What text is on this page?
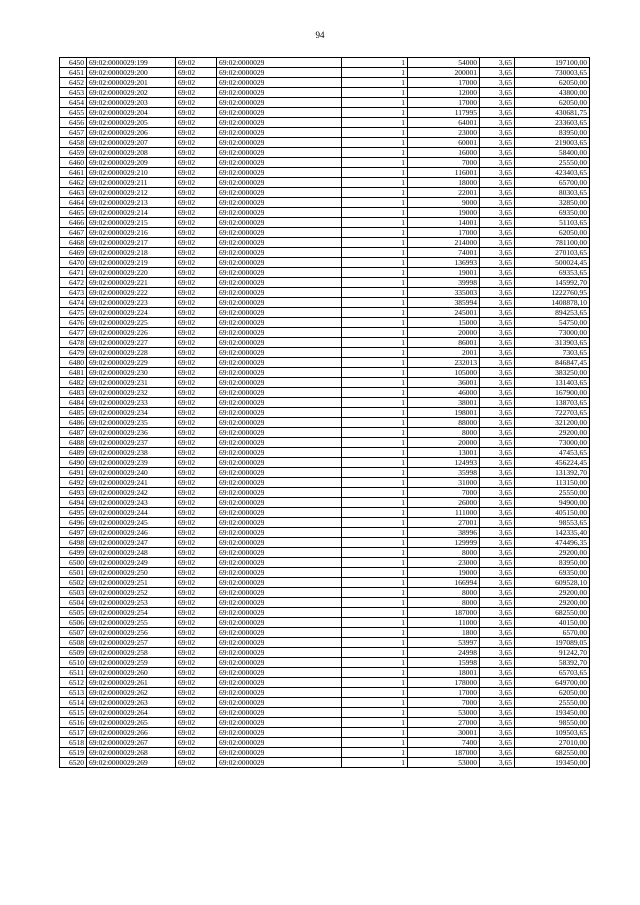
94
6450	69:02:0000029:199	69:02	69:02:0000029	1	54000	3,65	197100,00
6451	69:02:0000029:200	69:02	69:02:0000029	1	200001	3,65	730003,65
6452	69:02:0000029:201	69:02	69:02:0000029	1	17000	3,65	62050,00
6453	69:02:0000029:202	69:02	69:02:0000029	1	12000	3,65	43800,00
6454	69:02:0000029:203	69:02	69:02:0000029	1	17000	3,65	62050,00
6455	69:02:0000029:204	69:02	69:02:0000029	1	117995	3,65	430681,75
6456	69:02:0000029:205	69:02	69:02:0000029	1	64001	3,65	233603,65
6457	69:02:0000029:206	69:02	69:02:0000029	1	23000	3,65	83950,00
6458	69:02:0000029:207	69:02	69:02:0000029	1	60001	3,65	219003,65
6459	69:02:0000029:208	69:02	69:02:0000029	1	16000	3,65	58400,00
6460	69:02:0000029:209	69:02	69:02:0000029	1	7000	3,65	25550,00
6461	69:02:0000029:210	69:02	69:02:0000029	1	116001	3,65	423403,65
6462	69:02:0000029:211	69:02	69:02:0000029	1	18000	3,65	65700,00
6463	69:02:0000029:212	69:02	69:02:0000029	1	22001	3,65	80303,65
6464	69:02:0000029:213	69:02	69:02:0000029	1	9000	3,65	32850,00
6465	69:02:0000029:214	69:02	69:02:0000029	1	19000	3,65	69350,00
6466	69:02:0000029:215	69:02	69:02:0000029	1	14001	3,65	51103,65
6467	69:02:0000029:216	69:02	69:02:0000029	1	17000	3,65	62050,00
6468	69:02:0000029:217	69:02	69:02:0000029	1	214000	3,65	781100,00
6469	69:02:0000029:218	69:02	69:02:0000029	1	74001	3,65	270103,65
6470	69:02:0000029:219	69:02	69:02:0000029	1	136993	3,65	500024,45
6471	69:02:0000029:220	69:02	69:02:0000029	1	19001	3,65	69353,65
6472	69:02:0000029:221	69:02	69:02:0000029	1	39998	3,65	145992,70
6473	69:02:0000029:222	69:02	69:02:0000029	1	335003	3,65	1222760,95
6474	69:02:0000029:223	69:02	69:02:0000029	1	385994	3,65	1408878,10
6475	69:02:0000029:224	69:02	69:02:0000029	1	245001	3,65	894253,65
6476	69:02:0000029:225	69:02	69:02:0000029	1	15000	3,65	54750,00
6477	69:02:0000029:226	69:02	69:02:0000029	1	20000	3,65	73000,00
6478	69:02:0000029:227	69:02	69:02:0000029	1	86001	3,65	313903,65
6479	69:02:0000029:228	69:02	69:02:0000029	1	2001	3,65	7303,65
6480	69:02:0000029:229	69:02	69:02:0000029	1	232013	3,65	846847,45
6481	69:02:0000029:230	69:02	69:02:0000029	1	105000	3,65	383250,00
6482	69:02:0000029:231	69:02	69:02:0000029	1	36001	3,65	131403,65
6483	69:02:0000029:232	69:02	69:02:0000029	1	46000	3,65	167900,00
6484	69:02:0000029:233	69:02	69:02:0000029	1	38001	3,65	138703,65
6485	69:02:0000029:234	69:02	69:02:0000029	1	198001	3,65	722703,65
6486	69:02:0000029:235	69:02	69:02:0000029	1	88000	3,65	321200,00
6487	69:02:0000029:236	69:02	69:02:0000029	1	8000	3,65	29200,00
6488	69:02:0000029:237	69:02	69:02:0000029	1	20000	3,65	73000,00
6489	69:02:0000029:238	69:02	69:02:0000029	1	13001	3,65	47453,65
6490	69:02:0000029:239	69:02	69:02:0000029	1	124993	3,65	456224,45
6491	69:02:0000029:240	69:02	69:02:0000029	1	35998	3,65	131392,70
6492	69:02:0000029:241	69:02	69:02:0000029	1	31000	3,65	113150,00
6493	69:02:0000029:242	69:02	69:02:0000029	1	7000	3,65	25550,00
6494	69:02:0000029:243	69:02	69:02:0000029	1	26000	3,65	94900,00
6495	69:02:0000029:244	69:02	69:02:0000029	1	111000	3,65	405150,00
6496	69:02:0000029:245	69:02	69:02:0000029	1	27001	3,65	98553,65
6497	69:02:0000029:246	69:02	69:02:0000029	1	38996	3,65	142335,40
6498	69:02:0000029:247	69:02	69:02:0000029	1	129999	3,65	474496,35
6499	69:02:0000029:248	69:02	69:02:0000029	1	8000	3,65	29200,00
6500	69:02:0000029:249	69:02	69:02:0000029	1	23000	3,65	83950,00
6501	69:02:0000029:250	69:02	69:02:0000029	1	19000	3,65	69350,00
6502	69:02:0000029:251	69:02	69:02:0000029	1	166994	3,65	609528,10
6503	69:02:0000029:252	69:02	69:02:0000029	1	8000	3,65	29200,00
6504	69:02:0000029:253	69:02	69:02:0000029	1	8000	3,65	29200,00
6505	69:02:0000029:254	69:02	69:02:0000029	1	187000	3,65	682550,00
6506	69:02:0000029:255	69:02	69:02:0000029	1	11000	3,65	40150,00
6507	69:02:0000029:256	69:02	69:02:0000029	1	1800	3,65	6570,00
6508	69:02:0000029:257	69:02	69:02:0000029	1	53997	3,65	197089,05
6509	69:02:0000029:258	69:02	69:02:0000029	1	24998	3,65	91242,70
6510	69:02:0000029:259	69:02	69:02:0000029	1	15998	3,65	58392,70
6511	69:02:0000029:260	69:02	69:02:0000029	1	18001	3,65	65703,65
6512	69:02:0000029:261	69:02	69:02:0000029	1	178000	3,65	649700,00
6513	69:02:0000029:262	69:02	69:02:0000029	1	17000	3,65	62050,00
6514	69:02:0000029:263	69:02	69:02:0000029	1	7000	3,65	25550,00
6515	69:02:0000029:264	69:02	69:02:0000029	1	53000	3,65	193450,00
6516	69:02:0000029:265	69:02	69:02:0000029	1	27000	3,65	98550,00
6517	69:02:0000029:266	69:02	69:02:0000029	1	30001	3,65	109503,65
6518	69:02:0000029:267	69:02	69:02:0000029	1	7400	3,65	27010,00
6519	69:02:0000029:268	69:02	69:02:0000029	1	187000	3,65	682550,00
6520	69:02:0000029:269	69:02	69:02:0000029	1	53000	3,65	193450,00
